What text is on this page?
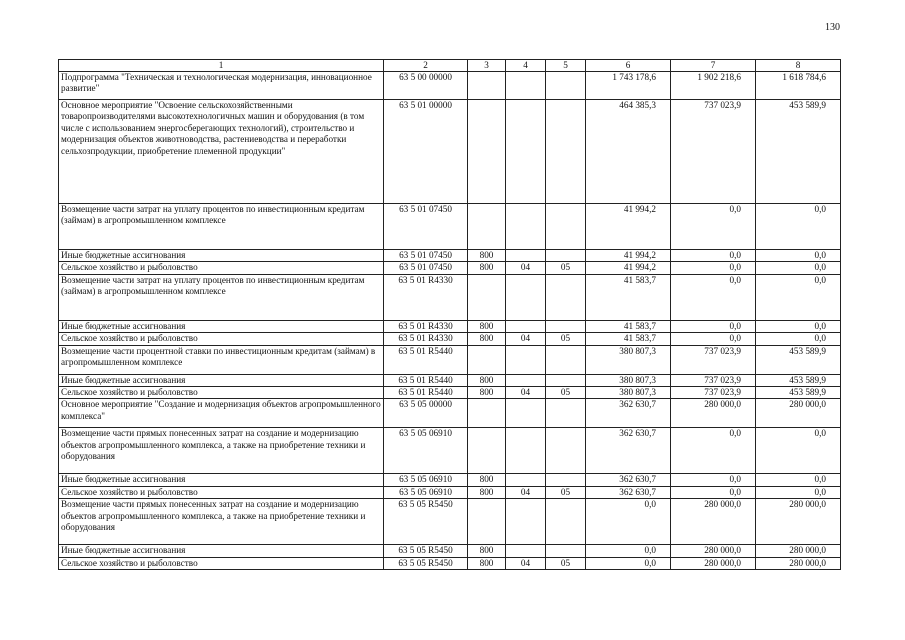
130
1	2	3	4	5	6	7	8
Подпрограмма "Техническая и технологическая модернизация, инновационное развитие"	63 5 00 00000				1 743 178,6	1 902 218,6	1 618 784,6
Основное мероприятие "Освоение сельскохозяйственными товаропроизводителями высокотехнологичных машин и оборудования (в том числе с использованием энергосберегающих технологий), строительство и модернизация объектов животноводства, растениеводства и переработки сельхозпродукции, приобретение племенной продукции"	63 5 01 00000				464 385,3	737 023,9	453 589,9
Возмещение части затрат на уплату процентов по инвестиционным кредитам (займам) в агропромышленном комплексе	63 5 01 07450				41 994,2	0,0	0,0
Иные бюджетные ассигнования	63 5 01 07450	800			41 994,2	0,0	0,0
Сельское хозяйство и рыболовство	63 5 01 07450	800	04	05	41 994,2	0,0	0,0
Возмещение части затрат на уплату процентов по инвестиционным кредитам (займам) в агропромышленном комплексе	63 5 01 R4330				41 583,7	0,0	0,0
Иные бюджетные ассигнования	63 5 01 R4330	800			41 583,7	0,0	0,0
Сельское хозяйство и рыболовство	63 5 01 R4330	800	04	05	41 583,7	0,0	0,0
Возмещение части процентной ставки по инвестиционным кредитам (займам) в агропромышленном комплексе	63 5 01 R5440				380 807,3	737 023,9	453 589,9
Иные бюджетные ассигнования	63 5 01 R5440	800			380 807,3	737 023,9	453 589,9
Сельское хозяйство и рыболовство	63 5 01 R5440	800	04	05	380 807,3	737 023,9	453 589,9
Основное мероприятие "Создание и модернизация объектов агропромышленного комплекса"	63 5 05 00000				362 630,7	280 000,0	280 000,0
Возмещение части прямых понесенных затрат на создание и модернизацию объектов агропромышленного комплекса, а также на приобретение техники и оборудования	63 5 05 06910				362 630,7	0,0	0,0
Иные бюджетные ассигнования	63 5 05 06910	800			362 630,7	0,0	0,0
Сельское хозяйство и рыболовство	63 5 05 06910	800	04	05	362 630,7	0,0	0,0
Возмещение части прямых понесенных затрат на создание и модернизацию объектов агропромышленного комплекса, а также на приобретение техники и оборудования	63 5 05 R5450				0,0	280 000,0	280 000,0
Иные бюджетные ассигнования	63 5 05 R5450	800			0,0	280 000,0	280 000,0
Сельское хозяйство и рыболовство	63 5 05 R5450	800	04	05	0,0	280 000,0	280 000,0
